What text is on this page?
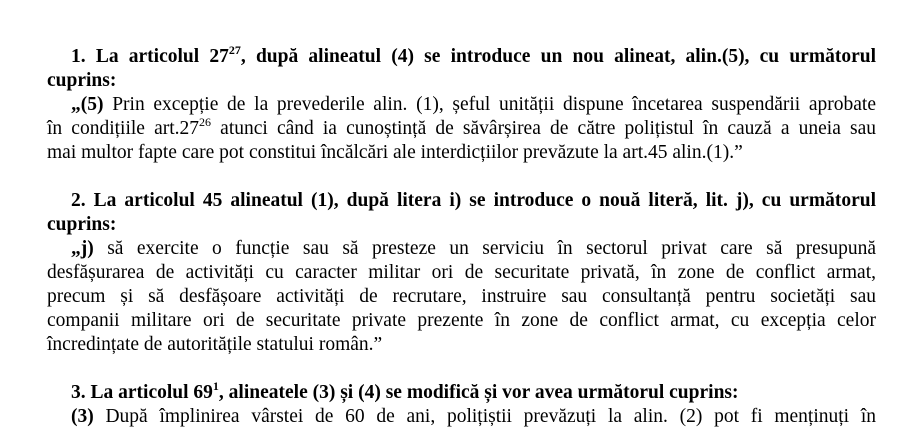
1. La articolul $27^{27}$, după alineatul (4) se introduce un nou alineat, alin.(5), cu următorul
cuprins:
„(5) Prin excepție de la prevederile alin. (1), șeful unității dispune încetarea suspendării aprobate
în condițiile $art.27^{26}$ atunci când ia cunoștință de săvârșirea de către polițistul în cauză a uneia sau
mai multor fapte care pot constitui încălcări ale interdicțiilor prevăzute la art.45 alin.(1).”
2. La articolul 45 alineatul (1), după litera i) se introduce o nouă literă, lit. j), cu următorul
cuprins:
„j) să exercite o funcție sau să presteze un serviciu în sectorul privat care să presupună
desfășurarea de activități cu caracter militar ori de securitate privată, în zone de conflict armat,
precum și să desfășoare activități de recrutare, instruire sau consultanță pentru societăți sau
companii militare ori de securitate private prezente în zone de conflict armat, cu excepția celor
încredințate de autoritățile statului român.”
3. La articolul $69^1$, alineatele (3) și (4) se modifică și vor avea următorul cuprins:
(3) După împlinirea vârstei de 60 de ani, polițiștii prevăzuți la alin. (2) pot fi menținuți în
